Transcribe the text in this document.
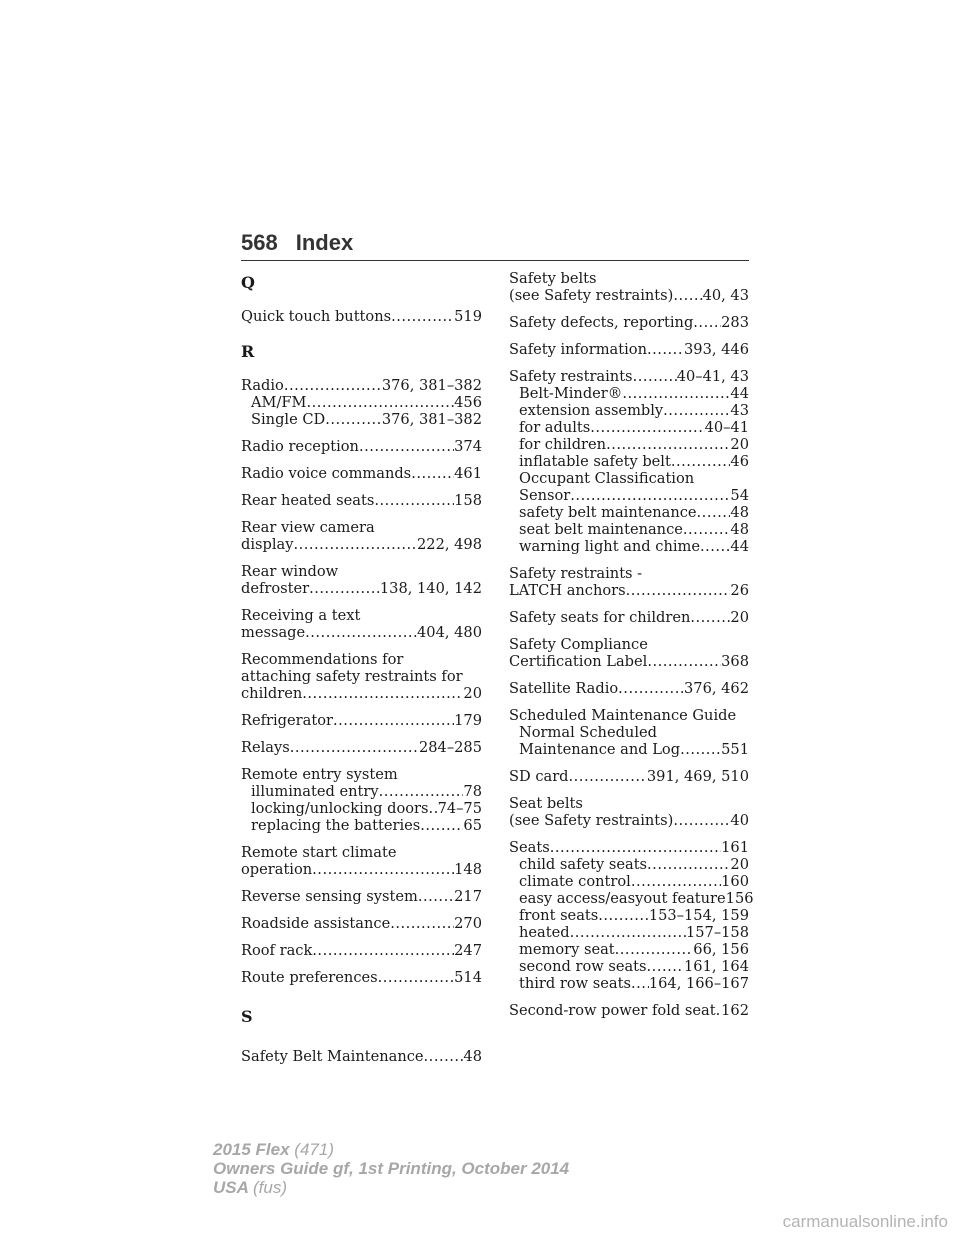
568 Index
Q
Quick touch buttons .....	519
R
Radio .....	376, 381–382
AM/FM .....	456
Single CD .....	376, 381–382
Radio reception .....	374
Radio voice commands .....	461
Rear heated seats .....	158
Rear view camera
display .....	222, 498
Rear window
defroster .....	138, 140, 142
Receiving a text
message .....	404, 480
Recommendations for
attaching safety restraints for
children .....	20
Refrigerator .....	179
Relays .....	284–285
Remote entry system
illuminated entry .....	78
locking/unlocking doors ..... 74–75
replacing the batteries .....	65
Remote start climate
operation .....	148
Reverse sensing system ..... 217
Roadside assistance .....	270
Roof rack .....	247
Route preferences .....	514
S
Safety Belt Maintenance .....	48
Safety belts
(see Safety restraints) ..... 40, 43
Safety defects, reporting ..... 283
Safety information .....	393, 446
Safety restraints .....	40–41, 43
Belt-Minder® .....	44
extension assembly .....	43
for adults .....	40–41
for children .....	20
inflatable safety belt .....	46
Occupant Classification
Sensor .....	54
safety belt maintenance ..... 48
seat belt maintenance .....	48
warning light and chime ..... 44
Safety restraints -
LATCH anchors .....	26
Safety seats for children .....	20
Safety Compliance
Certification Label .....	368
Satellite Radio .....	376, 462
Scheduled Maintenance Guide
Normal Scheduled
Maintenance and Log .....	551
SD card .....	391, 469, 510
Seat belts
(see Safety restraints) .....	40
Seats .....	161
child safety seats .....	20
climate control .....	160
easy access/easyout feature 156
front seats .....	153–154, 159
heated .....	157–158
memory seat .....	66, 156
second row seats .....	161, 164
third row seats ..... 164, 166–167
Second-row power fold seat ..... 162
2015 Flex (471)
Owners Guide gf, 1st Printing, October 2014
USA (fus)
carmanualsonline.info
